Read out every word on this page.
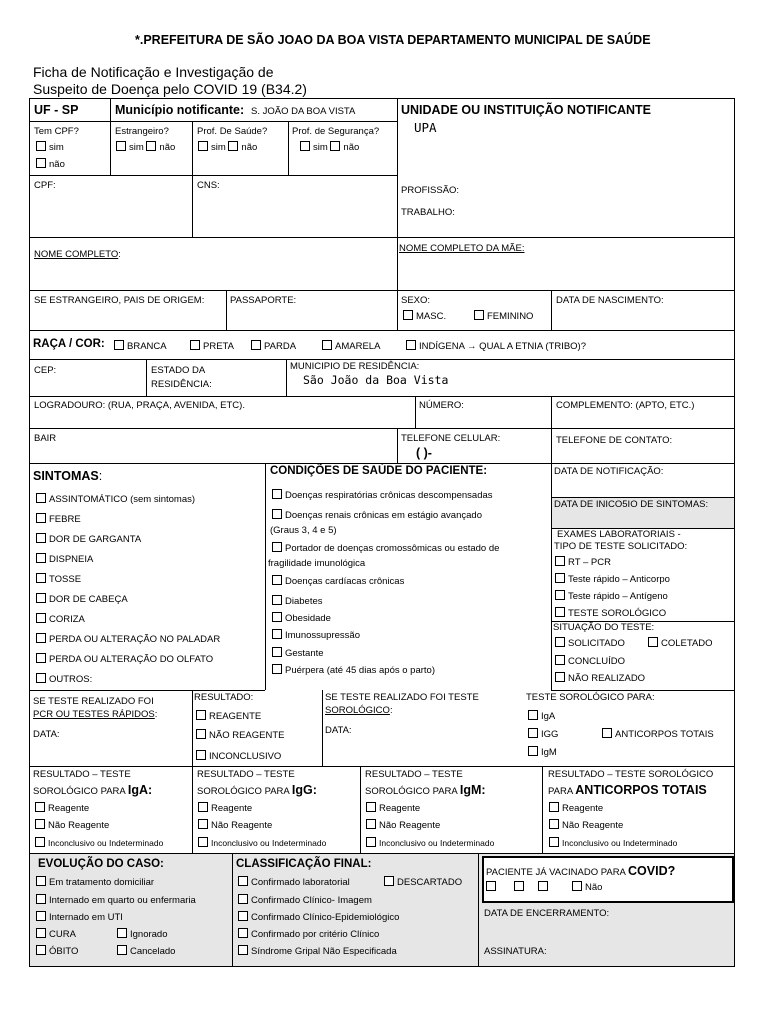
*.PREFEITURA DE SÃO JOAO DA BOA VISTA DEPARTAMENTO MUNICIPAL DE SAÚDE
Ficha de Notificação e Investigação de
Suspeito de Doença pelo COVID 19 (B34.2)
UF - SP	Município notificante: S. JOÃO DA BOA VISTA	UNIDADE OU INSTITUIÇÃO NOTIFICANTE
UPA
Tem CPF?
sim
não
Estrangeiro?
sim não
Prof. De Saúde?
sim não
Prof. de Segurança?
sim não
CPF:	CNS:	PROFISSÃO:
TRABALHO:
NOME COMPLETO:
NOME COMPLETO DA MÃE:
SE ESTRANGEIRO, PAIS DE ORIGEM:	PASSAPORTE:	SEXO:
MASC.	FEMININO
DATA DE NASCIMENTO:
RAÇA / COR:	BRANCA	PRETA	PARDA	AMARELA	INDÍGENA → QUAL A ETNIA (TRIBO)?
CEP:	ESTADO DA
RESIDÊNCIA:
MUNICIPIO DE RESIDÊNCIA:
São João da Boa Vista
LOGRADOURO: (RUA, PRAÇA, AVENIDA, ETC).	NÚMERO:	COMPLEMENTO: (APTO, ETC.)
BAIR	TELEFONE CELULAR:
( )-
TELEFONE DE CONTATO:
SINTOMAS:
ASSINTOMÁTICO (sem sintomas)
FEBRE
DOR DE GARGANTA
DISPNEIA
TOSSE
DOR DE CABEÇA
CORIZA
PERDA OU ALTERAÇÃO NO PALADAR
PERDA OU ALTERAÇÃO DO OLFATO
OUTROS:
CONDIÇÕES DE SAÚDE DO PACIENTE:
Doenças respiratórias crônicas descompensadas
Doenças renais crônicas em estágio avançado
(Graus 3, 4 e 5)
Portador de doenças cromossômicas ou estado de
fragilidade imunológica
Doenças cardíacas crônicas
Diabetes
Obesidade
Imunossupressão
Gestante
Puérpera (até 45 dias após o parto)
DATA DE NOTIFICAÇÃO:
DATA DE INICO5IO DE SINTOMAS:
EXAMES LABORATORIAIS -
TIPO DE TESTE SOLICITADO:
RT – PCR
Teste rápido – Anticorpo
Teste rápido – Antígeno
TESTE SOROLÓGICO
SITUAÇÃO DO TESTE:
SOLICITADO	COLETADO
CONCLUÍDO
NÃO REALIZADO
SE TESTE REALIZADO FOI
PCR OU TESTES RÁPIDOS:
DATA:
RESULTADO:
REAGENTE
NÃO REAGENTE
INCONCLUSIVO
SE TESTE REALIZADO FOI TESTE
SOROLÓGICO:
DATA:
TESTE SOROLÓGICO PARA:
IgA
IGG
IgM
ANTICORPOS TOTAIS
RESULTADO – TESTE
SOROLÓGICO PARA IgA:
Reagente
Não Reagente
Inconclusivo ou Indeterminado
RESULTADO – TESTE
SOROLÓGICO PARA IgG:
Reagente
Não Reagente
Inconclusivo ou Indeterminado
RESULTADO – TESTE
SOROLÓGICO PARA IgM:
Reagente
Não Reagente
Inconclusivo ou Indeterminado
RESULTADO – TESTE SOROLÓGICO
PARA ANTICORPOS TOTAIS
Reagente
Não Reagente
Inconclusivo ou Indeterminado
EVOLUÇÃO DO CASO:
Em tratamento domiciliar
Internado em quarto ou enfermaria
Internado em UTI
CURA	Ignorado
ÓBITO	Cancelado
CLASSIFICAÇÃO FINAL:
Confirmado laboratorial	DESCARTADO
Confirmado Clínico- Imagem
Confirmado Clínico-Epidemiológico
Confirmado por critério Clínico
Síndrome Gripal Não Especificada
PACIENTE JÁ VACINADO PARA COVID?
Não
DATA DE ENCERRAMENTO:
ASSINATURA:
